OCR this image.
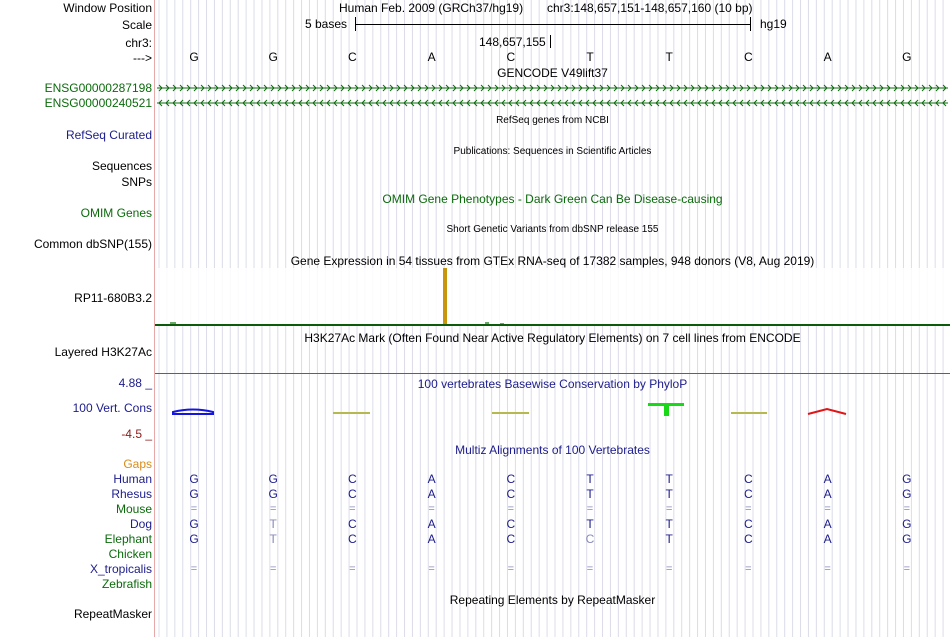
Window Position	Human Feb. 2009 (GRCh37/hg19) chr3:148,657,151-148,657,160 (10 bp)
Scale	5 bases	hg19
chr3:	148,657,155
--->	G	G	C	A	C	T	T	C	A	G
GENCODE V49lift37
ENSG00000287198
ENSG00000240521
RefSeq genes from NCBI
RefSeq Curated
Publications: Sequences in Scientific Articles
Sequences
SNPs
OMIM Gene Phenotypes - Dark Green Can Be Disease-causing
OMIM Genes
Short Genetic Variants from dbSNP release 155
Common dbSNP(155)
Gene Expression in 54 tissues from GTEx RNA-seq of 17382 samples, 948 donors (V8, Aug 2019)
RP11-680B3.2
H3K27Ac Mark (Often Found Near Active Regulatory Elements) on 7 cell lines from ENCODE
Layered H3K27Ac
100 vertebrates Basewise Conservation by PhyloP
4.88 _
100 Vert. Cons
-4.5 _
Multiz Alignments of 100 Vertebrates
Gaps
Human	G	G	C	A	C	T	T	C	A	G
Rhesus	G	G	C	A	C	T	T	C	A	G
Mouse	=	=	=	=	=	=	=	=	=	=
Dog	G	T	C	A	C	T	T	C	A	G
Elephant	G	T	C	A	C	C	T	C	A	G
Chicken
X_tropicalis	=	=	=	=	=	=	=	=	=	=
Zebrafish
Repeating Elements by RepeatMasker
RepeatMasker
